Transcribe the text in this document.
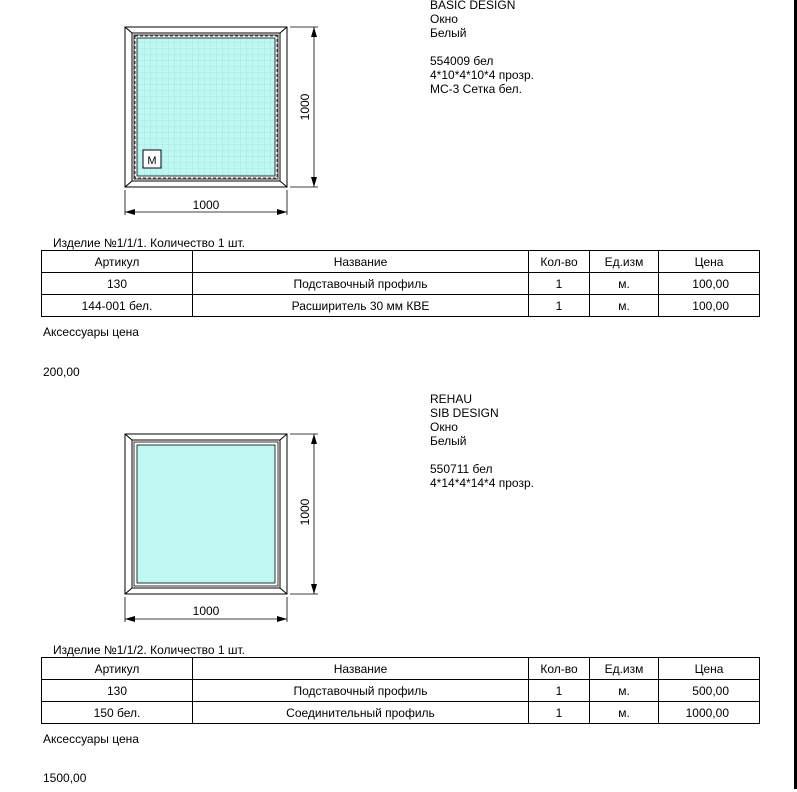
М
1000
1000
BASIC DESIGN
Окно
Белый
554009 бел
4*10*4*10*4 прозр.
МС-3 Сетка бел.
Изделие №1/1/1. Количество 1 шт.
Артикул	Название	Кол-во	Ед.изм	Цена
130	Подставочный профиль	1	м.	100,00
144-001 бел.	Расширитель 30 мм КВЕ	1	м.	100,00
Аксессуары цена
200,00
1000
1000
REHAU
SIB DESIGN
Окно
Белый
550711 бел
4*14*4*14*4 прозр.
Изделие №1/1/2. Количество 1 шт.
Артикул	Название	Кол-во	Ед.изм	Цена
130	Подставочный профиль	1	м.	500,00
150 бел.	Соединительный профиль	1	м.	1000,00
Аксессуары цена
1500,00
